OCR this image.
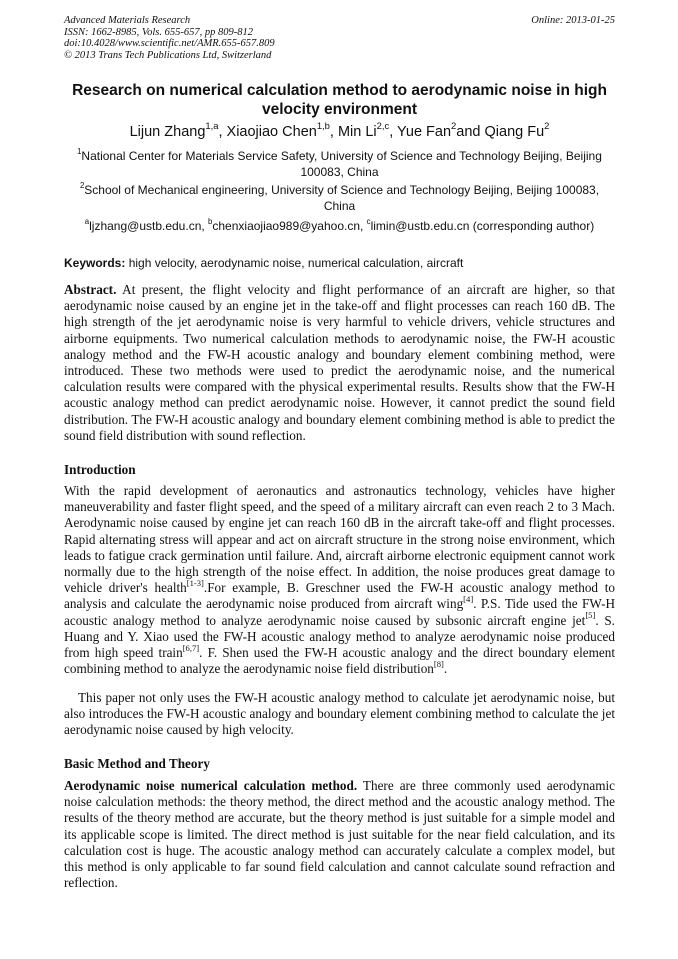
Advanced Materials Research
ISSN: 1662-8985, Vols. 655-657, pp 809-812
doi:10.4028/www.scientific.net/AMR.655-657.809
© 2013 Trans Tech Publications Ltd, Switzerland
Online: 2013-01-25
Research on numerical calculation method to aerodynamic noise in high velocity environment
Lijun Zhang$^{1,a}$, Xiaojiao Chen$^{1,b}$, Min Li$^{2,c}$, Yue Fan$^2$and Qiang Fu$^2$
$^1$National Center for Materials Service Safety, University of Science and Technology Beijing, Beijing 100083, China
$^2$School of Mechanical engineering, University of Science and Technology Beijing, Beijing 100083, China
$^a$ljzhang@ustb.edu.cn, $^b$chenxiaojiao989@yahoo.cn, $^c$limin@ustb.edu.cn (corresponding author)
Keywords: high velocity, aerodynamic noise, numerical calculation, aircraft
Abstract. At present, the flight velocity and flight performance of an aircraft are higher, so that aerodynamic noise caused by an engine jet in the take-off and flight processes can reach 160 dB. The high strength of the jet aerodynamic noise is very harmful to vehicle drivers, vehicle structures and airborne equipments. Two numerical calculation methods to aerodynamic noise, the FW-H acoustic analogy method and the FW-H acoustic analogy and boundary element combining method, were introduced. These two methods were used to predict the aerodynamic noise, and the numerical calculation results were compared with the physical experimental results. Results show that the FW-H acoustic analogy method can predict aerodynamic noise. However, it cannot predict the sound field distribution. The FW-H acoustic analogy and boundary element combining method is able to predict the sound field distribution with sound reflection.
Introduction
With the rapid development of aeronautics and astronautics technology, vehicles have higher maneuverability and faster flight speed, and the speed of a military aircraft can even reach 2 to 3 Mach. Aerodynamic noise caused by engine jet can reach 160 dB in the aircraft take-off and flight processes. Rapid alternating stress will appear and act on aircraft structure in the strong noise environment, which leads to fatigue crack germination until failure. And, aircraft airborne electronic equipment cannot work normally due to the high strength of the noise effect. In addition, the noise produces great damage to vehicle driver's health[1-3].For example, B. Greschner used the FW-H acoustic analogy method to analysis and calculate the aerodynamic noise produced from aircraft wing[4]. P.S. Tide used the FW-H acoustic analogy method to analyze aerodynamic noise caused by subsonic aircraft engine jet[5]. S. Huang and Y. Xiao used the FW-H acoustic analogy method to analyze aerodynamic noise produced from high speed train[6,7]. F. Shen used the FW-H acoustic analogy and the direct boundary element combining method to analyze the aerodynamic noise field distribution[8].
This paper not only uses the FW-H acoustic analogy method to calculate jet aerodynamic noise, but also introduces the FW-H acoustic analogy and boundary element combining method to calculate the jet aerodynamic noise caused by high velocity.
Basic Method and Theory
Aerodynamic noise numerical calculation method. There are three commonly used aerodynamic noise calculation methods: the theory method, the direct method and the acoustic analogy method. The results of the theory method are accurate, but the theory method is just suitable for a simple model and its applicable scope is limited. The direct method is just suitable for the near field calculation, and its calculation cost is huge. The acoustic analogy method can accurately calculate a complex model, but this method is only applicable to far sound field calculation and cannot calculate sound refraction and reflection.
